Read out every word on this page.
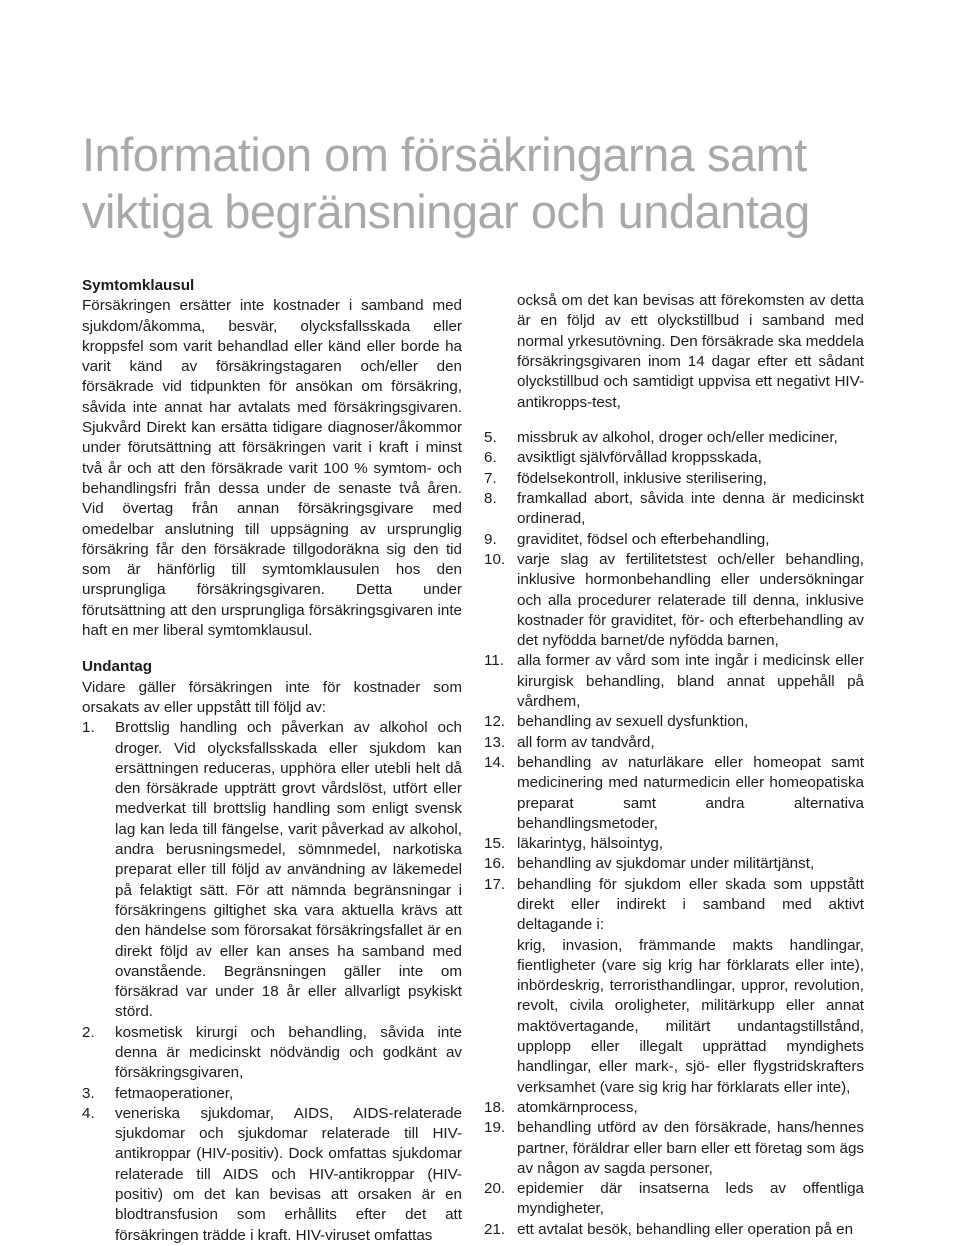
Information om försäkringarna samt
viktiga begränsningar och undantag

Symtomklausul

Försäkringen ersätter inte kostnader i samband med sjukdom/åkomma, besvär, olycksfallsskada eller kroppsfel som varit behandlad eller känd eller borde ha varit känd av försäkringstagaren och/eller den försäkrade vid tidpunkten för ansökan om försäkring, såvida inte annat har avtalats med försäkringsgivaren. Sjukvård Direkt kan ersätta tidigare diagnoser/åkommor under förutsättning att försäkringen varit i kraft i minst två år och att den försäkrade varit 100 % symtom- och behandlingsfri från dessa under de senaste två åren. Vid övertag från annan försäkringsgivare med omedelbar anslutning till uppsägning av ursprunglig försäkring får den försäkrade tillgodoräkna sig den tid som är hänförlig till symtomklausulen hos den ursprungliga försäkringsgivaren. Detta under förutsättning att den ursprungliga försäkringsgivaren inte haft en mer liberal symtomklausul.

Undantag

Vidare gäller försäkringen inte för kostnader som orsakats av eller uppstått till följd av:

1. Brottslig handling och påverkan av alkohol och droger. Vid olycksfallsskada eller sjukdom kan ersättningen reduceras, upphöra eller utebli helt då den försäkrade uppträtt grovt vårdslöst, utfört eller medverkat till brottslig handling som enligt svensk lag kan leda till fängelse, varit påverkad av alkohol, andra berusningsmedel, sömnmedel, narkotiska preparat eller till följd av användning av läkemedel på felaktigt sätt. För att nämnda begränsningar i försäkringens giltighet ska vara aktuella krävs att den händelse som förorsakat försäkringsfallet är en direkt följd av eller kan anses ha samband med ovanstående. Begränsningen gäller inte om försäkrad var under 18 år eller allvarligt psykiskt störd.
2. kosmetisk kirurgi och behandling, såvida inte denna är medicinskt nödvändig och godkänt av försäkringsgivaren,
3. fetmaoperationer,
4. veneriska sjukdomar, AIDS, AIDS-relaterade sjukdomar och sjukdomar relaterade till HIV-antikroppar (HIV-positiv). Dock omfattas sjukdomar relaterade till AIDS och HIV-antikroppar (HIV-positiv) om det kan bevisas att orsaken är en blodtransfusion som erhållits efter det att försäkringen trädde i kraft. HIV-viruset omfattas

också om det kan bevisas att förekomsten av detta är en följd av ett olyckstillbud i samband med normal yrkesutövning. Den försäkrade ska meddela försäkringsgivaren inom 14 dagar efter ett sådant olyckstillbud och samtidigt uppvisa ett negativt HIV-antikropps-test,

5. missbruk av alkohol, droger och/eller mediciner,
6. avsiktligt självförvållad kroppsskada,
7. födelsekontroll, inklusive sterilisering,
8. framkallad abort, såvida inte denna är medicinskt ordinerad,
9. graviditet, födsel och efterbehandling,
10. varje slag av fertilitetstest och/eller behandling, inklusive hormonbehandling eller undersökningar och alla procedurer relaterade till denna, inklusive kostnader för graviditet, för- och efterbehandling av det nyfödda barnet/de nyfödda barnen,
11. alla former av vård som inte ingår i medicinsk eller kirurgisk behandling, bland annat uppehåll på vårdhem,
12. behandling av sexuell dysfunktion,
13. all form av tandvård,
14. behandling av naturläkare eller homeopat samt medicinering med naturmedicin eller homeopatiska preparat samt andra alternativa behandlingsmetoder,
15. läkarintyg, hälsointyg,
16. behandling av sjukdomar under militärtjänst,
17. behandling för sjukdom eller skada som uppstått direkt eller indirekt i samband med aktivt deltagande i:
krig, invasion, främmande makts handlingar, fientligheter (vare sig krig har förklarats eller inte), inbördeskrig, terroristhandlingar, uppror, revolution, revolt, civila oroligheter, militärkupp eller annat maktövertagande, militärt undantagstillstånd, upplopp eller illegalt upprättad myndighets handlingar, eller mark-, sjö- eller flygstridskrafters verksamhet (vare sig krig har förklarats eller inte),
18. atomkärnprocess,
19. behandling utförd av den försäkrade, hans/hennes partner, föräldrar eller barn eller ett företag som ägs av någon av sagda personer,
20. epidemier där insatserna leds av offentliga myndigheter,
21. ett avtalat besök, behandling eller operation på en
